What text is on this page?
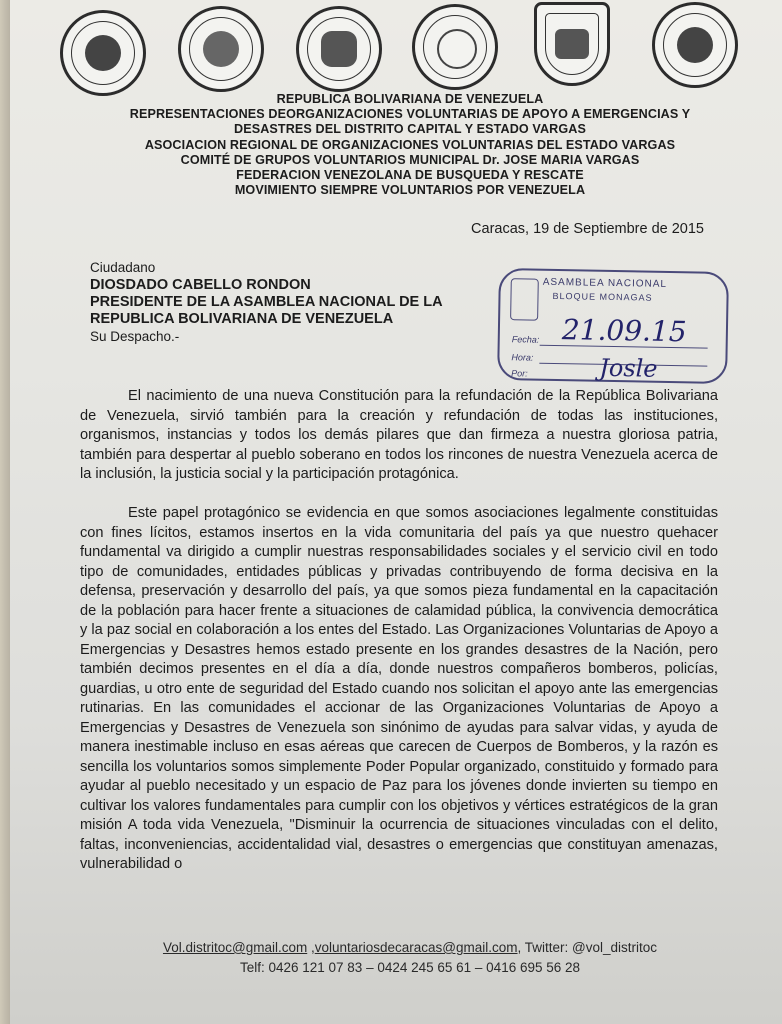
REPUBLICA BOLIVARIANA DE VENEZUELA
REPRESENTACIONES DEORGANIZACIONES VOLUNTARIAS DE APOYO A EMERGENCIAS Y
DESASTRES DEL DISTRITO CAPITAL Y ESTADO VARGAS
ASOCIACION REGIONAL DE ORGANIZACIONES VOLUNTARIAS DEL ESTADO VARGAS
COMITÉ DE GRUPOS VOLUNTARIOS MUNICIPAL Dr. JOSE MARIA VARGAS
FEDERACION VENEZOLANA DE BUSQUEDA Y RESCATE
MOVIMIENTO SIEMPRE VOLUNTARIOS POR VENEZUELA
Caracas, 19 de Septiembre de 2015
Ciudadano
DIOSDADO CABELLO RONDON
PRESIDENTE DE LA ASAMBLEA NACIONAL DE LA
REPUBLICA BOLIVARIANA DE VENEZUELA
Su Despacho.-
ASAMBLEA NACIONAL
BLOQUE MONAGAS
Fecha:
Hora:
Por:
21.09.15
Josle

El nacimiento de una nueva Constitución para la refundación de la República Bolivariana de Venezuela, sirvió también para la creación y refundación de todas las instituciones, organismos, instancias y todos los demás pilares que dan firmeza a nuestra gloriosa patria, también para despertar al pueblo soberano en todos los rincones de nuestra Venezuela acerca de la inclusión, la justicia social y la participación protagónica.

Este papel protagónico se evidencia en que somos asociaciones legalmente constituidas con fines lícitos, estamos insertos en la vida comunitaria del país ya que nuestro quehacer fundamental va dirigido a cumplir nuestras responsabilidades sociales y el servicio civil en todo tipo de comunidades, entidades públicas y privadas contribuyendo de forma decisiva en la defensa, preservación y desarrollo del país, ya que somos pieza fundamental en la capacitación de la población para hacer frente a situaciones de calamidad pública, la convivencia democrática y la paz social en colaboración a los entes del Estado. Las Organizaciones Voluntarias de Apoyo a Emergencias y Desastres hemos estado presente en los grandes desastres de la Nación, pero también decimos presentes en el día a día, donde nuestros compañeros bomberos, policías, guardias, u otro ente de seguridad del Estado cuando nos solicitan el apoyo ante las emergencias rutinarias. En las comunidades el accionar de las Organizaciones Voluntarias de Apoyo a Emergencias y Desastres de Venezuela son sinónimo de ayudas para salvar vidas, y ayuda de manera inestimable incluso en esas aéreas que carecen de Cuerpos de Bomberos, y la razón es sencilla los voluntarios somos simplemente Poder Popular organizado, constituido y formado para ayudar al pueblo necesitado y un espacio de Paz para los jóvenes donde invierten su tiempo en cultivar los valores fundamentales para cumplir con los objetivos y vértices estratégicos de la gran misión A toda vida Venezuela, "Disminuir la ocurrencia de situaciones vinculadas con el delito, faltas, inconveniencias, accidentalidad vial, desastres o emergencias que constituyan amenazas, vulnerabilidad o

Vol.distritoc@gmail.com ,voluntariosdecaracas@gmail.com, Twitter: @vol_distritoc
Telf: 0426 121 07 83 – 0424 245 65 61 – 0416 695 56 28
